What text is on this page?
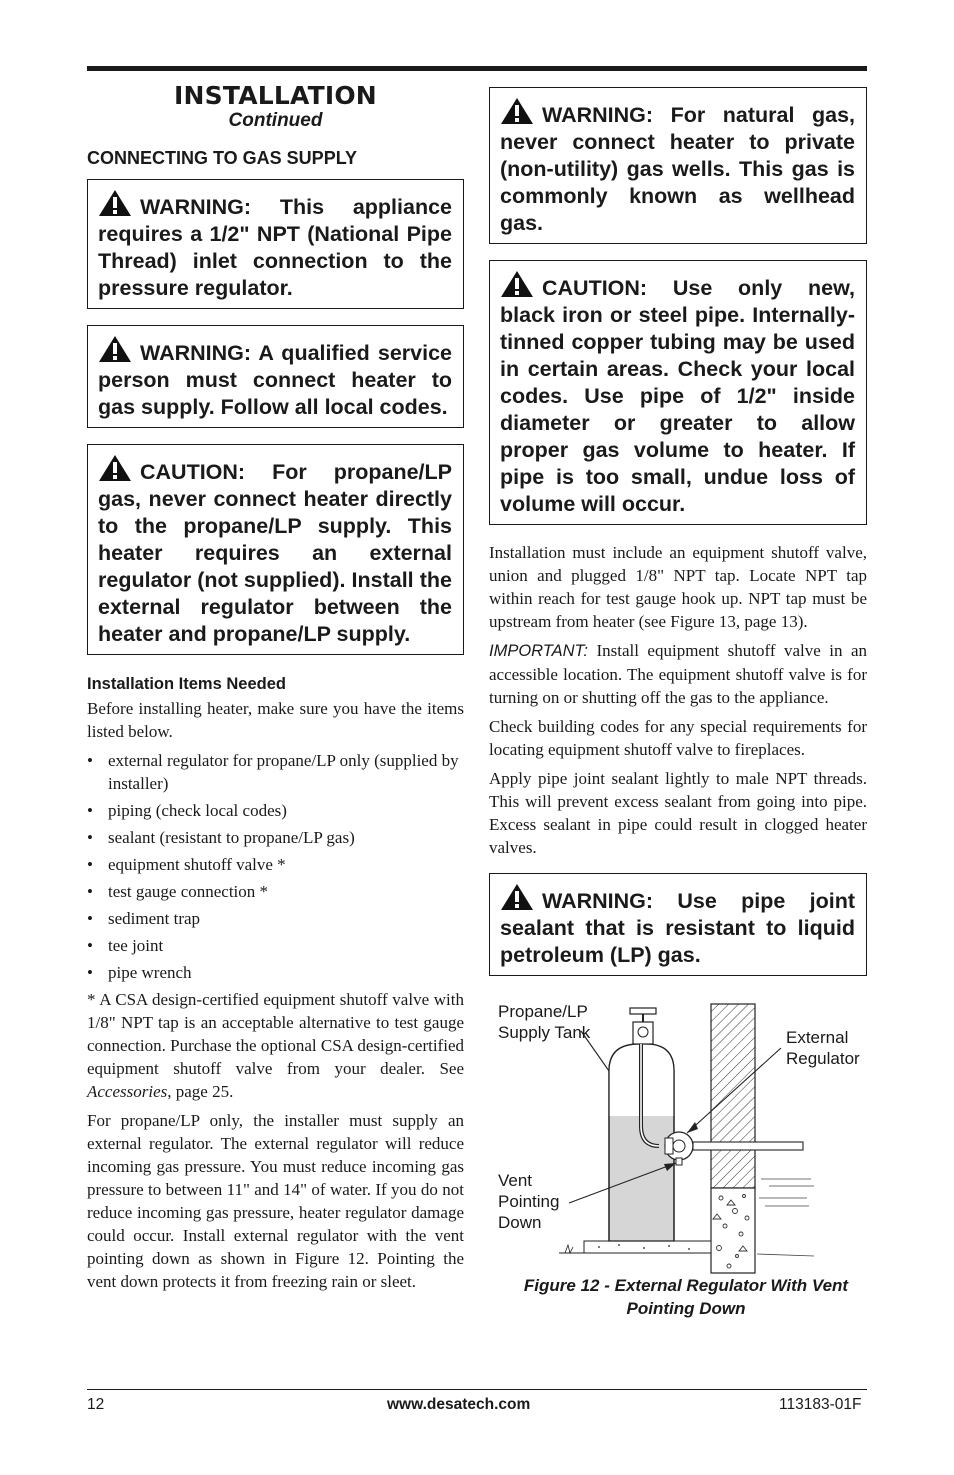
INSTALLATION
Continued
CONNECTING TO GAS SUPPLY
WARNING: This appliance requires a 1/2" NPT (National Pipe Thread) inlet connection to the pressure regulator.
WARNING: A qualified service person must connect heater to gas supply. Follow all local codes.
CAUTION: For propane/LP gas, never connect heater directly to the propane/LP supply. This heater requires an external regulator (not supplied). Install the external regulator between the heater and propane/LP supply.
Installation Items Needed

Before installing heater, make sure you have the items listed below.

• external regulator for propane/LP only (supplied by installer)
• piping (check local codes)
• sealant (resistant to propane/LP gas)
• equipment shutoff valve *
• test gauge connection *
• sediment trap
• tee joint
• pipe wrench

* A CSA design-certified equipment shutoff valve with 1/8" NPT tap is an acceptable alternative to test gauge connection. Purchase the optional CSA design-certified equipment shutoff valve from your dealer. See Accessories, page 25.

For propane/LP only, the installer must supply an external regulator. The external regulator will reduce incoming gas pressure. You must reduce incoming gas pressure to between 11" and 14" of water. If you do not reduce incoming gas pressure, heater regulator damage could occur. Install external regulator with the vent pointing down as shown in Figure 12. Pointing the vent down protects it from freezing rain or sleet.

WARNING: For natural gas, never connect heater to private (non-utility) gas wells. This gas is commonly known as wellhead gas.
CAUTION: Use only new, black iron or steel pipe. Internally-tinned copper tubing may be used in certain areas. Check your local codes. Use pipe of 1/2" inside diameter or greater to allow proper gas volume to heater. If pipe is too small, undue loss of volume will occur.

Installation must include an equipment shutoff valve, union and plugged 1/8" NPT tap. Locate NPT tap within reach for test gauge hook up. NPT tap must be upstream from heater (see Figure 13, page 13).

IMPORTANT: Install equipment shutoff valve in an accessible location. The equipment shutoff valve is for turning on or shutting off the gas to the appliance.

Check building codes for any special requirements for locating equipment shutoff valve to fireplaces.

Apply pipe joint sealant lightly to male NPT threads. This will prevent excess sealant from going into pipe. Excess sealant in pipe could result in clogged heater valves.

WARNING: Use pipe joint sealant that is resistant to liquid petroleum (LP) gas.
Propane/LP
Supply Tank	External
Regulator
Vent
Pointing
Down
Figure 12 - External Regulator With Vent
Pointing Down
12	www.desatech.com	113183-01F
